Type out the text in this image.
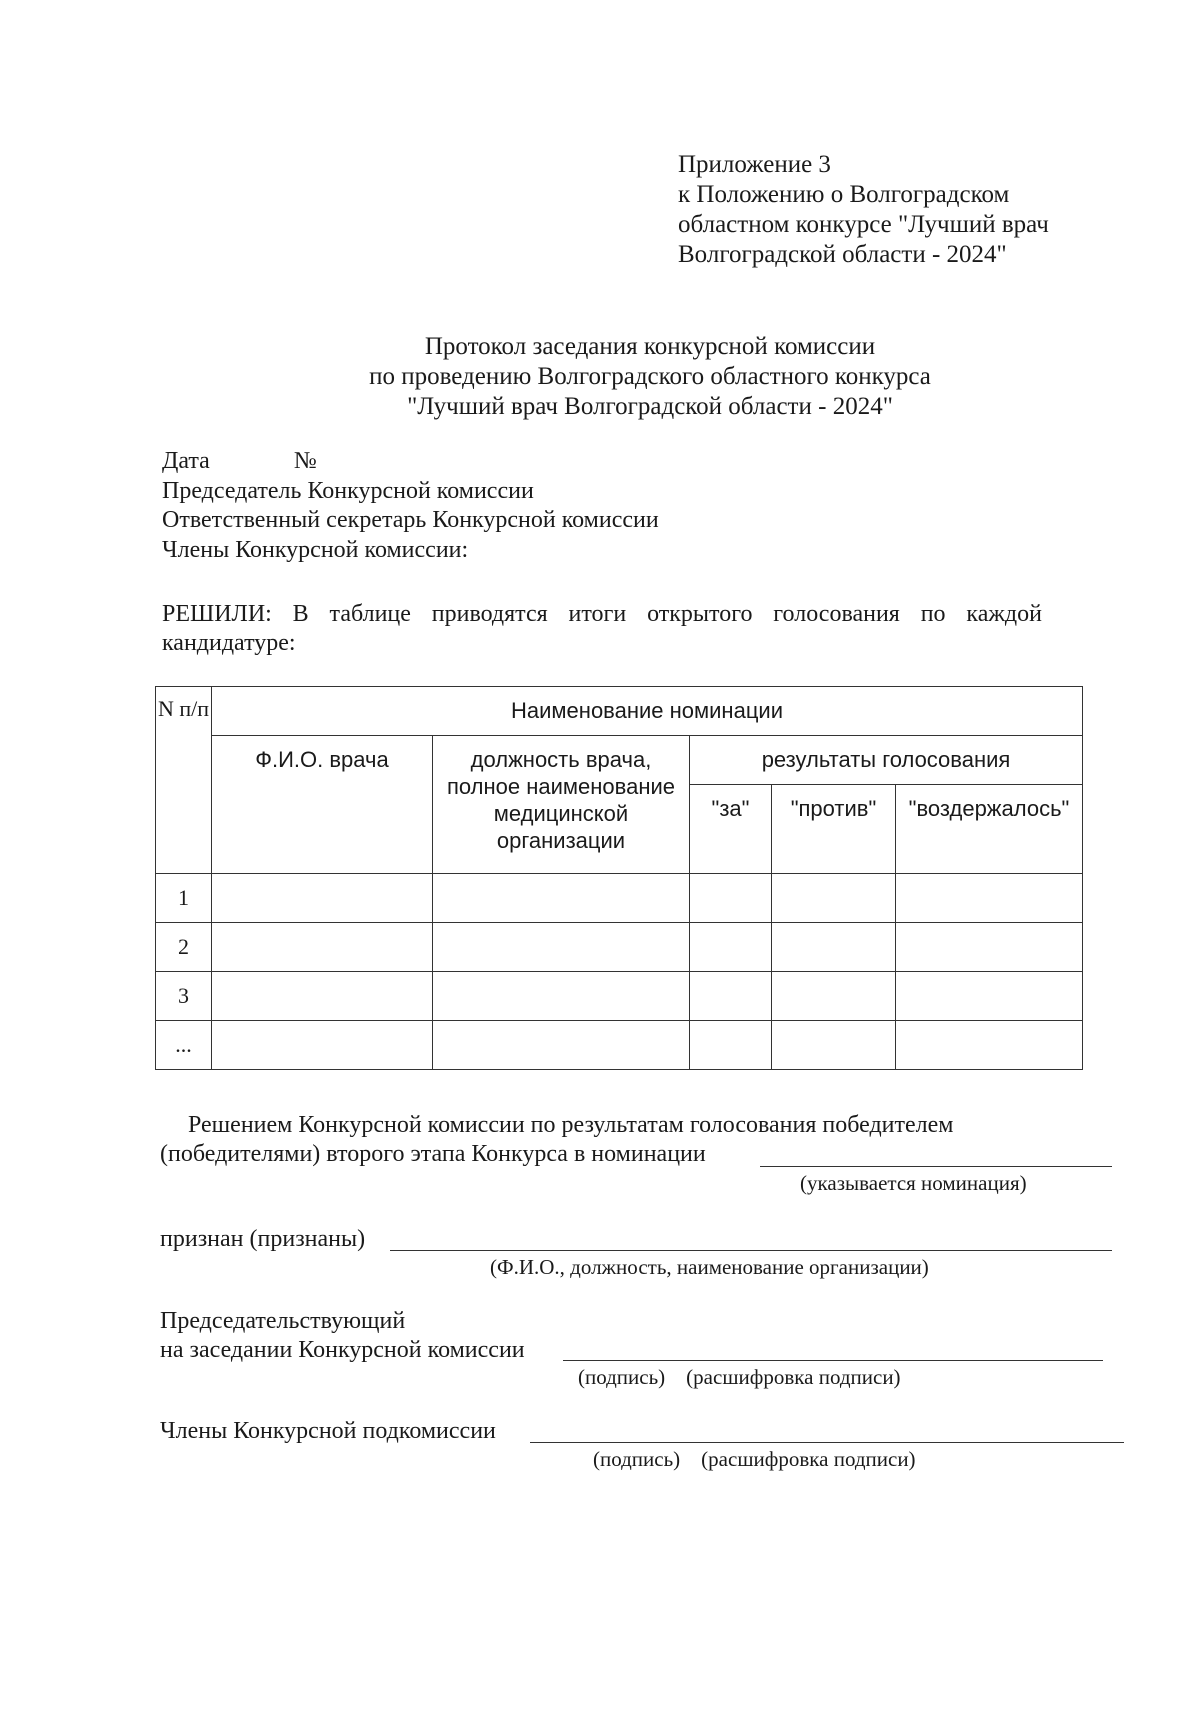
Приложение 3
к Положению о Волгоградском
областном конкурсе "Лучший врач
Волгоградской области - 2024"
Протокол заседания конкурсной комиссии
по проведению Волгоградского областного конкурса
"Лучший врач Волгоградской области - 2024"
Дата	№
Председатель Конкурсной комиссии
Ответственный секретарь Конкурсной комиссии
Члены Конкурсной комиссии:
РЕШИЛИ: В таблице приводятся итоги открытого голосования по каждой кандидатуре:
N п/п	Наименование номинации				
	Ф.И.О. врача	должность врача, полное наименование медицинской организации	результаты голосования		
			"за"	"против"	"воздержалось"
1					
2					
3					
...					
Решением Конкурсной комиссии по результатам голосования победителем
(победителями) второго этапа Конкурса в номинации
(указывается номинация)
признан (признаны)
(Ф.И.О., должность, наименование организации)
Председательствующий
на заседании Конкурсной комиссии
(подпись)    (расшифровка подписи)
Члены Конкурсной подкомиссии
(подпись)    (расшифровка подписи)
